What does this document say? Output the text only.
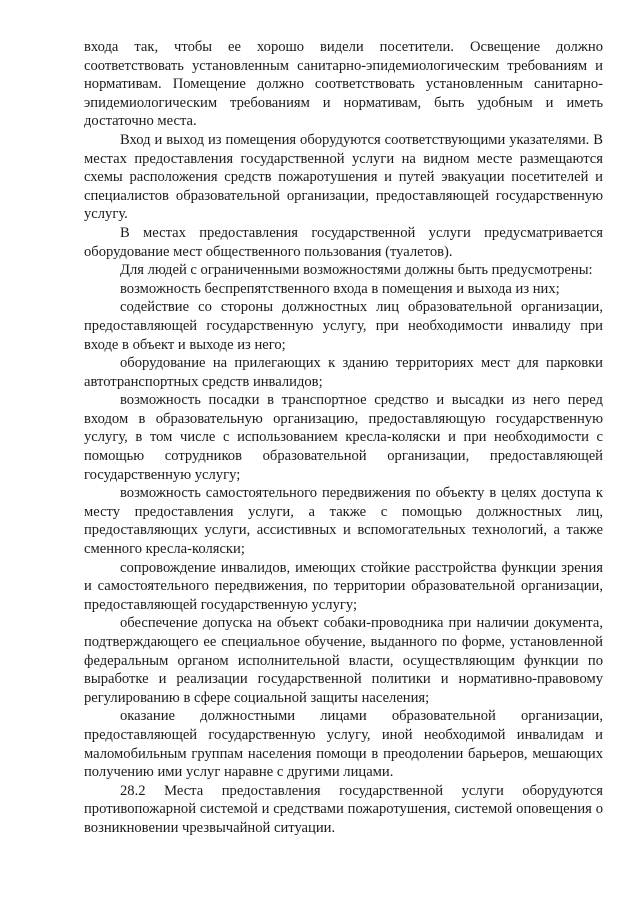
входа так, чтобы ее хорошо видели посетители. Освещение должно соответствовать установленным санитарно-эпидемиологическим требованиям и нормативам. Помещение должно соответствовать установленным санитарно-эпидемиологическим требованиям и нормативам, быть удобным и иметь достаточно места.

Вход и выход из помещения оборудуются соответствующими указателями. В местах предоставления государственной услуги на видном месте размещаются схемы расположения средств пожаротушения и путей эвакуации посетителей и специалистов образовательной организации, предоставляющей государственную услугу.

В местах предоставления государственной услуги предусматривается оборудование мест общественного пользования (туалетов).

Для людей с ограниченными возможностями должны быть предусмотрены:

возможность беспрепятственного входа в помещения и выхода из них;

содействие со стороны должностных лиц образовательной организации, предоставляющей государственную услугу, при необходимости инвалиду при входе в объект и выходе из него;

оборудование на прилегающих к зданию территориях мест для парковки автотранспортных средств инвалидов;

возможность посадки в транспортное средство и высадки из него перед входом в образовательную организацию, предоставляющую государственную услугу, в том числе с использованием кресла-коляски и при необходимости с помощью сотрудников образовательной организации, предоставляющей государственную услугу;

возможность самостоятельного передвижения по объекту в целях доступа к месту предоставления услуги, а также с помощью должностных лиц, предоставляющих услуги, ассистивных и вспомогательных технологий, а также сменного кресла-коляски;

сопровождение инвалидов, имеющих стойкие расстройства функции зрения и самостоятельного передвижения, по территории образовательной организации, предоставляющей государственную услугу;

обеспечение допуска на объект собаки-проводника при наличии документа, подтверждающего ее специальное обучение, выданного по форме, установленной федеральным органом исполнительной власти, осуществляющим функции по выработке и реализации государственной политики и нормативно-правовому регулированию в сфере социальной защиты населения;

оказание должностными лицами образовательной организации, предоставляющей государственную услугу, иной необходимой инвалидам и маломобильным группам населения помощи в преодолении барьеров, мешающих получению ими услуг наравне с другими лицами.

28.2 Места предоставления государственной услуги оборудуются противопожарной системой и средствами пожаротушения, системой оповещения о возникновении чрезвычайной ситуации.
